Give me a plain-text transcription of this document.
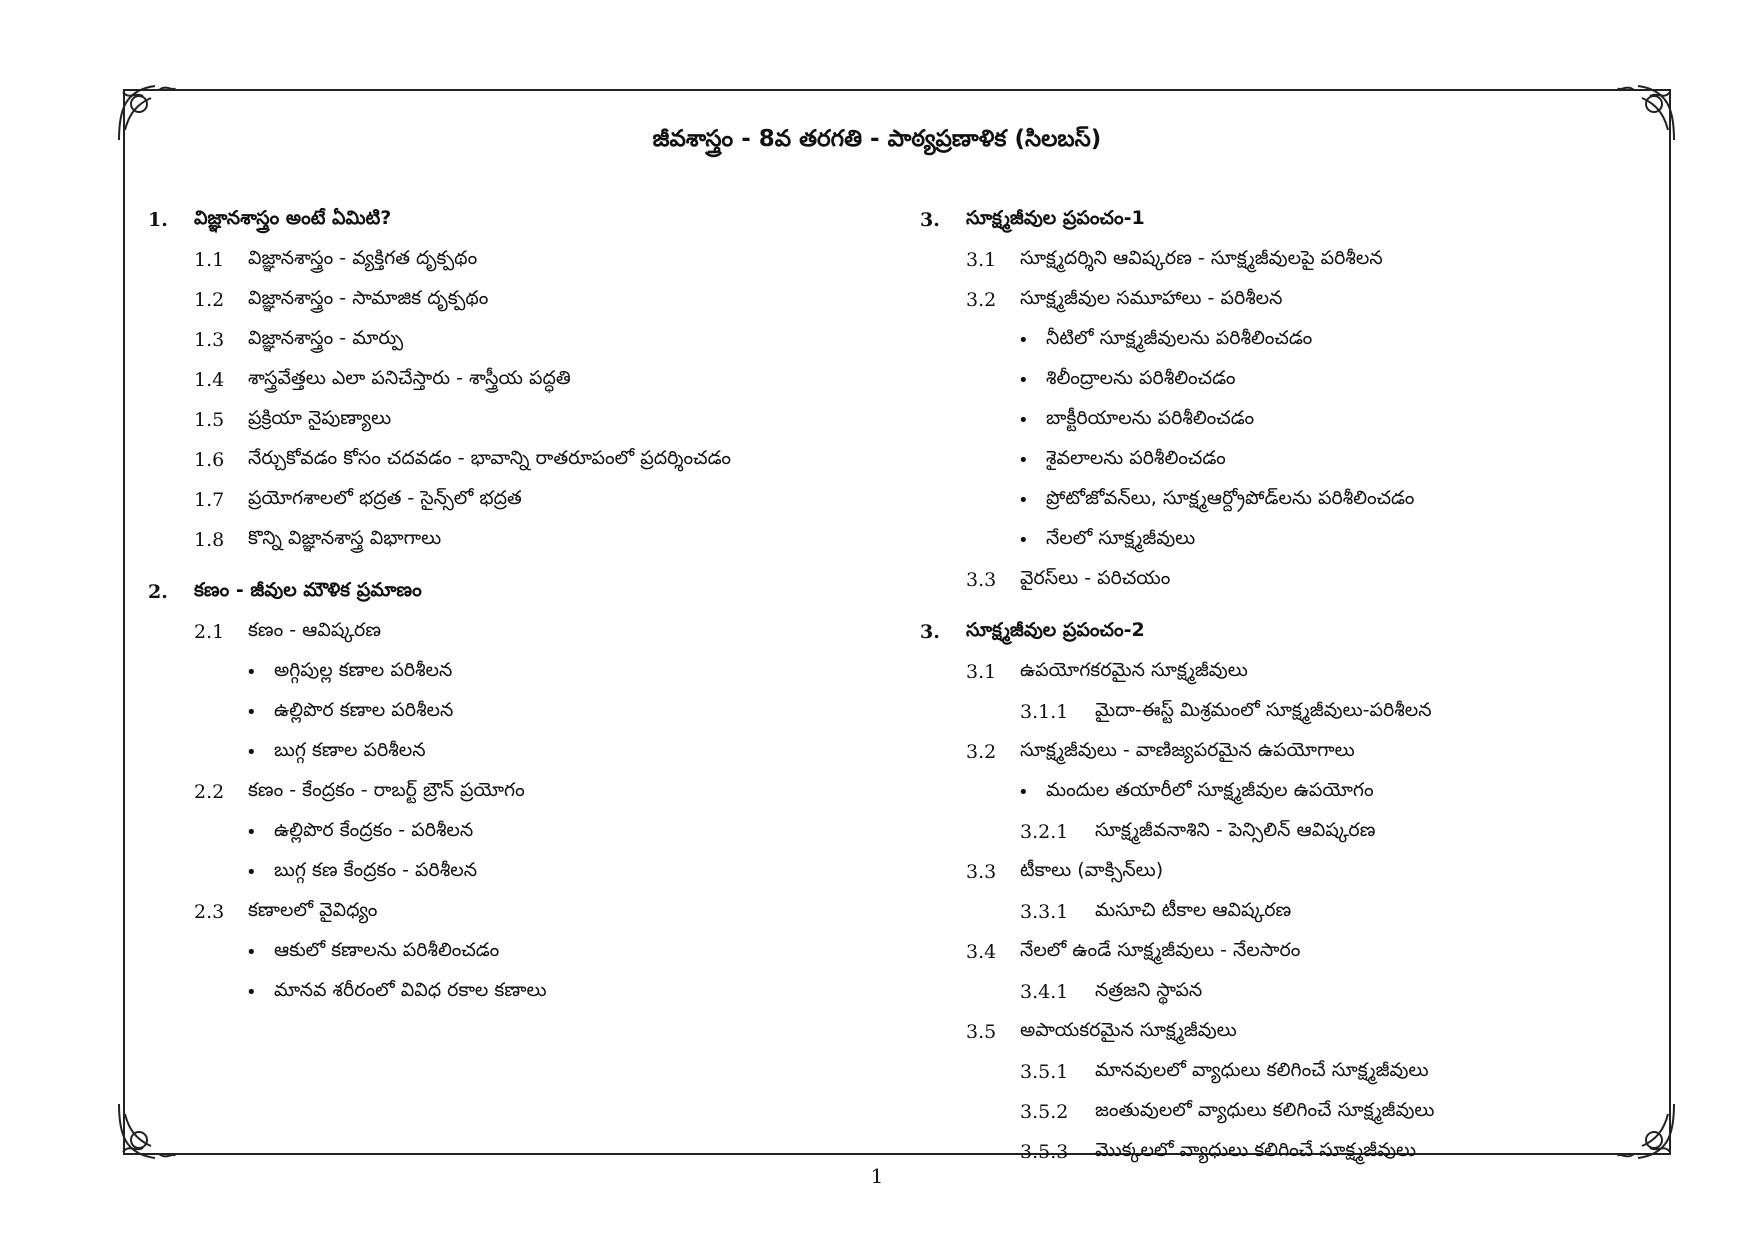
జీవశాస్త్రం - 8వ తరగతి - పాఠ్యప్రణాళిక (సిలబస్)
1.	విజ్ఞానశాస్త్రం అంటే ఏమిటి?
1.1	విజ్ఞానశాస్త్రం - వ్యక్తిగత దృక్పథం
1.2	విజ్ఞానశాస్త్రం - సామాజిక దృక్పథం
1.3	విజ్ఞానశాస్త్రం - మార్పు
1.4	శాస్త్రవేత్తలు ఎలా పనిచేస్తారు - శాస్త్రీయ పద్ధతి
1.5	ప్రక్రియా నైపుణ్యాలు
1.6	నేర్చుకోవడం కోసం చదవడం - భావాన్ని రాతరూపంలో ప్రదర్శించడం
1.7	ప్రయోగశాలలో భద్రత - సైన్స్‌లో భద్రత
1.8	కొన్ని విజ్ఞానశాస్త్ర విభాగాలు
2.	కణం - జీవుల మౌళిక ప్రమాణం
2.1	కణం - ఆవిష్కరణ
• అగ్గిపుల్ల కణాల పరిశీలన
• ఉల్లిపొర కణాల పరిశీలన
• బుగ్గ కణాల పరిశీలన
2.2	కణం - కేంద్రకం - రాబర్ట్ బ్రౌన్ ప్రయోగం
• ఉల్లిపొర కేంద్రకం - పరిశీలన
• బుగ్గ కణ కేంద్రకం - పరిశీలన
2.3	కణాలలో వైవిధ్యం
• ఆకులో కణాలను పరిశీలించడం
• మానవ శరీరంలో వివిధ రకాల కణాలు
3.	సూక్ష్మజీవుల ప్రపంచం-1
3.1	సూక్ష్మదర్శిని ఆవిష్కరణ - సూక్ష్మజీవులపై పరిశీలన
3.2	సూక్ష్మజీవుల సమూహాలు - పరిశీలన
• నీటిలో సూక్ష్మజీవులను పరిశీలించడం
• శిలీంద్రాలను పరిశీలించడం
• బాక్టీరియాలను పరిశీలించడం
• శైవలాలను పరిశీలించడం
• ప్రోటోజోవన్‌లు, సూక్ష్మఆర్ద్రోపోడ్‌లను పరిశీలించడం
• నేలలో సూక్ష్మజీవులు
3.3	వైరస్‌లు - పరిచయం
3.	సూక్ష్మజీవుల ప్రపంచం-2
3.1	ఉపయోగకరమైన సూక్ష్మజీవులు
3.1.1	మైదా-ఈస్ట్ మిశ్రమంలో సూక్ష్మజీవులు-పరిశీలన
3.2	సూక్ష్మజీవులు - వాణిజ్యపరమైన ఉపయోగాలు
• మందుల తయారీలో సూక్ష్మజీవుల ఉపయోగం
3.2.1	సూక్ష్మజీవనాశిని - పెన్సిలిన్ ఆవిష్కరణ
3.3	టీకాలు (వాక్సిన్‌లు)
3.3.1	మసూచి టీకాల ఆవిష్కరణ
3.4	నేలలో ఉండే సూక్ష్మజీవులు - నేలసారం
3.4.1	నత్రజని స్థాపన
3.5	అపాయకరమైన సూక్ష్మజీవులు
3.5.1	మానవులలో వ్యాధులు కలిగించే సూక్ష్మజీవులు
3.5.2	జంతువులలో వ్యాధులు కలిగించే సూక్ష్మజీవులు
3.5.3	మొక్కలలో వ్యాధులు కలిగించే సూక్ష్మజీవులు
1
